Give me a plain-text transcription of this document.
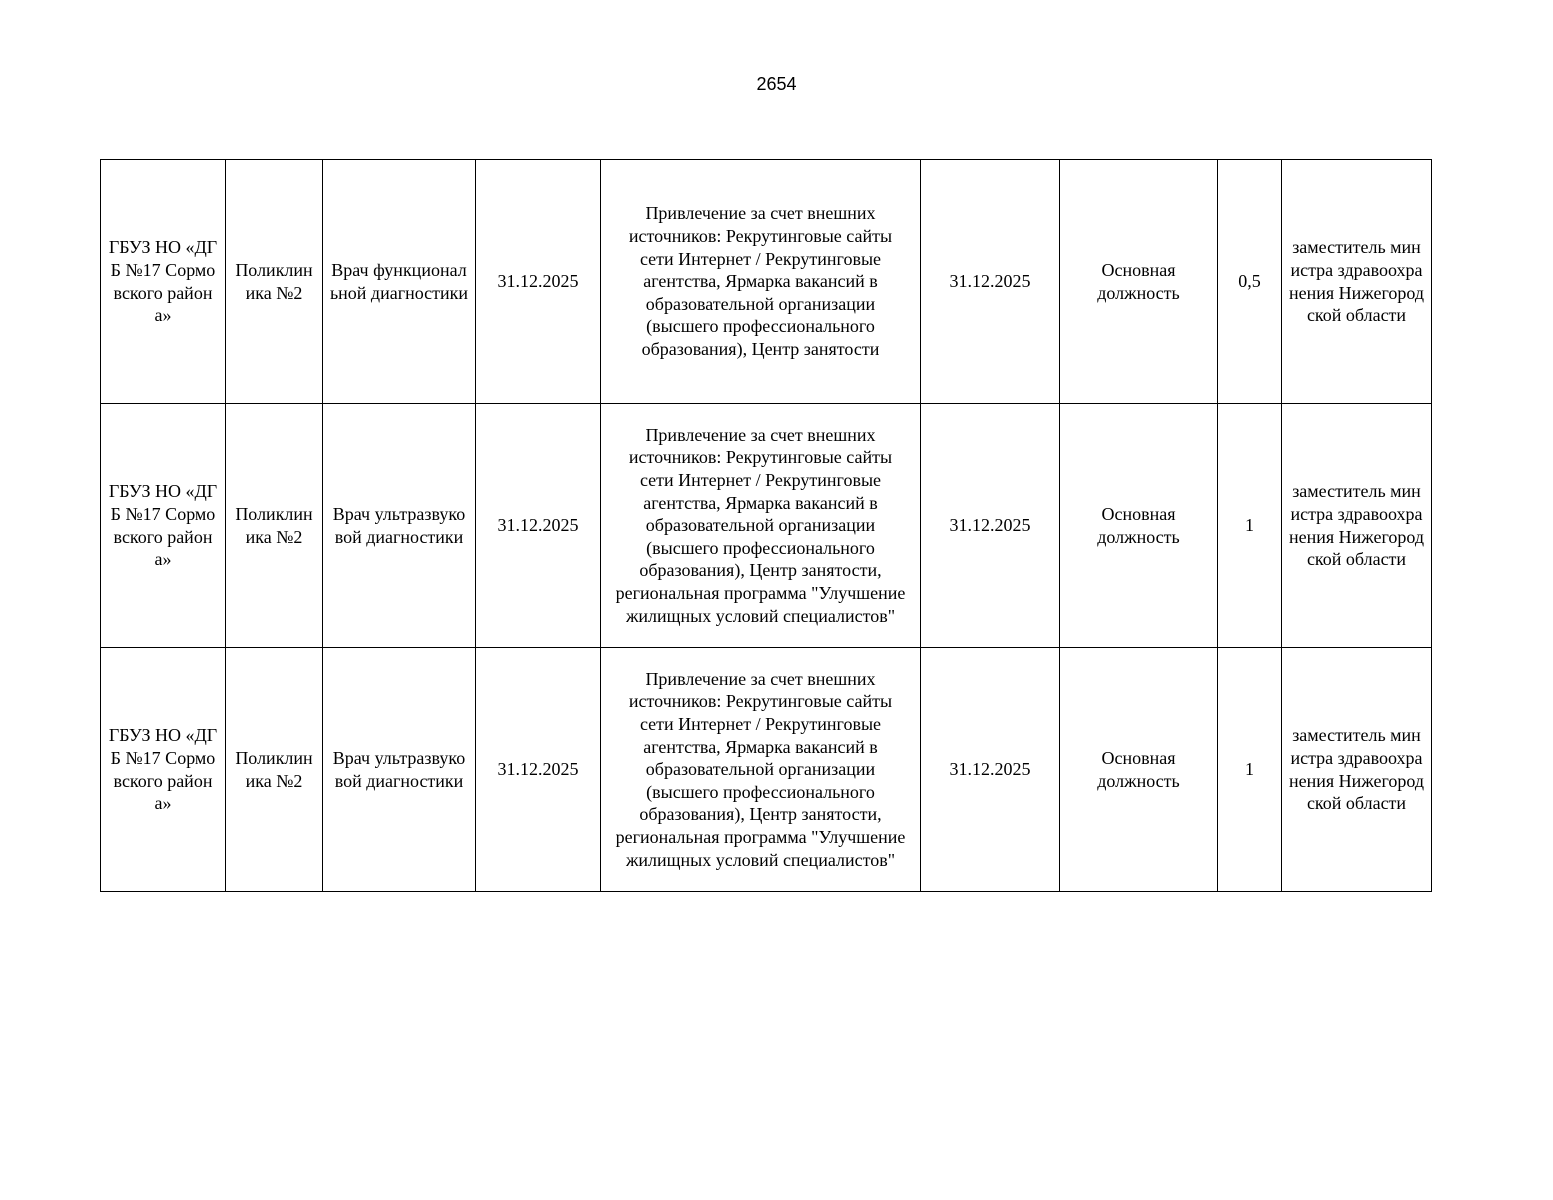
2654
ГБУЗ НО «ДГБ №17 Сормовского района»	Поликлиника №2	Врач функциональной диагностики	31.12.2025	Привлечение за счет внешних источников: Рекрутинговые сайты сети Интернет / Рекрутинговые агентства, Ярмарка вакансий в образовательной организации (высшего профессионального образования), Центр занятости	31.12.2025	Основная должность	0,5	заместитель министра здравоохранения Нижегородской области
ГБУЗ НО «ДГБ №17 Сормовского района»	Поликлиника №2	Врач ультразвуковой диагностики	31.12.2025	Привлечение за счет внешних источников: Рекрутинговые сайты сети Интернет / Рекрутинговые агентства, Ярмарка вакансий в образовательной организации (высшего профессионального образования), Центр занятости, региональная программа "Улучшение жилищных условий специалистов"	31.12.2025	Основная должность	1	заместитель министра здравоохранения Нижегородской области
ГБУЗ НО «ДГБ №17 Сормовского района»	Поликлиника №2	Врач ультразвуковой диагностики	31.12.2025	Привлечение за счет внешних источников: Рекрутинговые сайты сети Интернет / Рекрутинговые агентства, Ярмарка вакансий в образовательной организации (высшего профессионального образования), Центр занятости, региональная программа "Улучшение жилищных условий специалистов"	31.12.2025	Основная должность	1	заместитель министра здравоохранения Нижегородской области
